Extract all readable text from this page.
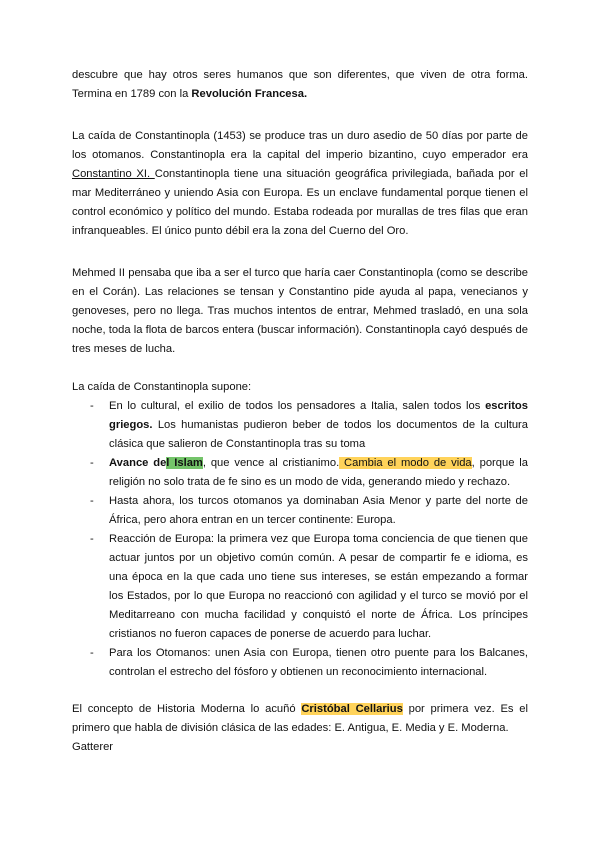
descubre que hay otros seres humanos que son diferentes, que viven de otra forma. Termina en 1789 con la Revolución Francesa.

La caída de Constantinopla (1453) se produce tras un duro asedio de 50 días por parte de los otomanos. Constantinopla era la capital del imperio bizantino, cuyo emperador era Constantino XI. Constantinopla tiene una situación geográfica privilegiada, bañada por el mar Mediterráneo y uniendo Asia con Europa. Es un enclave fundamental porque tienen el control económico y político del mundo. Estaba rodeada por murallas de tres filas que eran infranqueables. El único punto débil era la zona del Cuerno del Oro.

Mehmed II pensaba que iba a ser el turco que haría caer Constantinopla (como se describe en el Corán). Las relaciones se tensan y Constantino pide ayuda al papa, venecianos y genoveses, pero no llega. Tras muchos intentos de entrar, Mehmed trasladó, en una sola noche, toda la flota de barcos entera (buscar información). Constantinopla cayó después de tres meses de lucha.

La caída de Constantinopla supone:

- En lo cultural, el exilio de todos los pensadores a Italia, salen todos los escritos griegos. Los humanistas pudieron beber de todos los documentos de la cultura clásica que salieron de Constantinopla tras su toma
- Avance del Islam, que vence al cristianimo. Cambia el modo de vida, porque la religión no solo trata de fe sino es un modo de vida, generando miedo y rechazo.
- Hasta ahora, los turcos otomanos ya dominaban Asia Menor y parte del norte de África, pero ahora entran en un tercer continente: Europa.
- Reacción de Europa: la primera vez que Europa toma conciencia de que tienen que actuar juntos por un objetivo común común. A pesar de compartir fe e idioma, es una época en la que cada uno tiene sus intereses, se están empezando a formar los Estados, por lo que Europa no reaccionó con agilidad y el turco se movió por el Meditarreano con mucha facilidad y conquistó el norte de África. Los príncipes cristianos no fueron capaces de ponerse de acuerdo para luchar.
- Para los Otomanos: unen Asia con Europa, tienen otro puente para los Balcanes, controlan el estrecho del fósforo y obtienen un reconocimiento internacional.

El concepto de Historia Moderna lo acuñó Cristóbal Cellarius por primera vez. Es el primero que habla de división clásica de las edades: E. Antigua, E. Media y E. Moderna.
Gatterer
